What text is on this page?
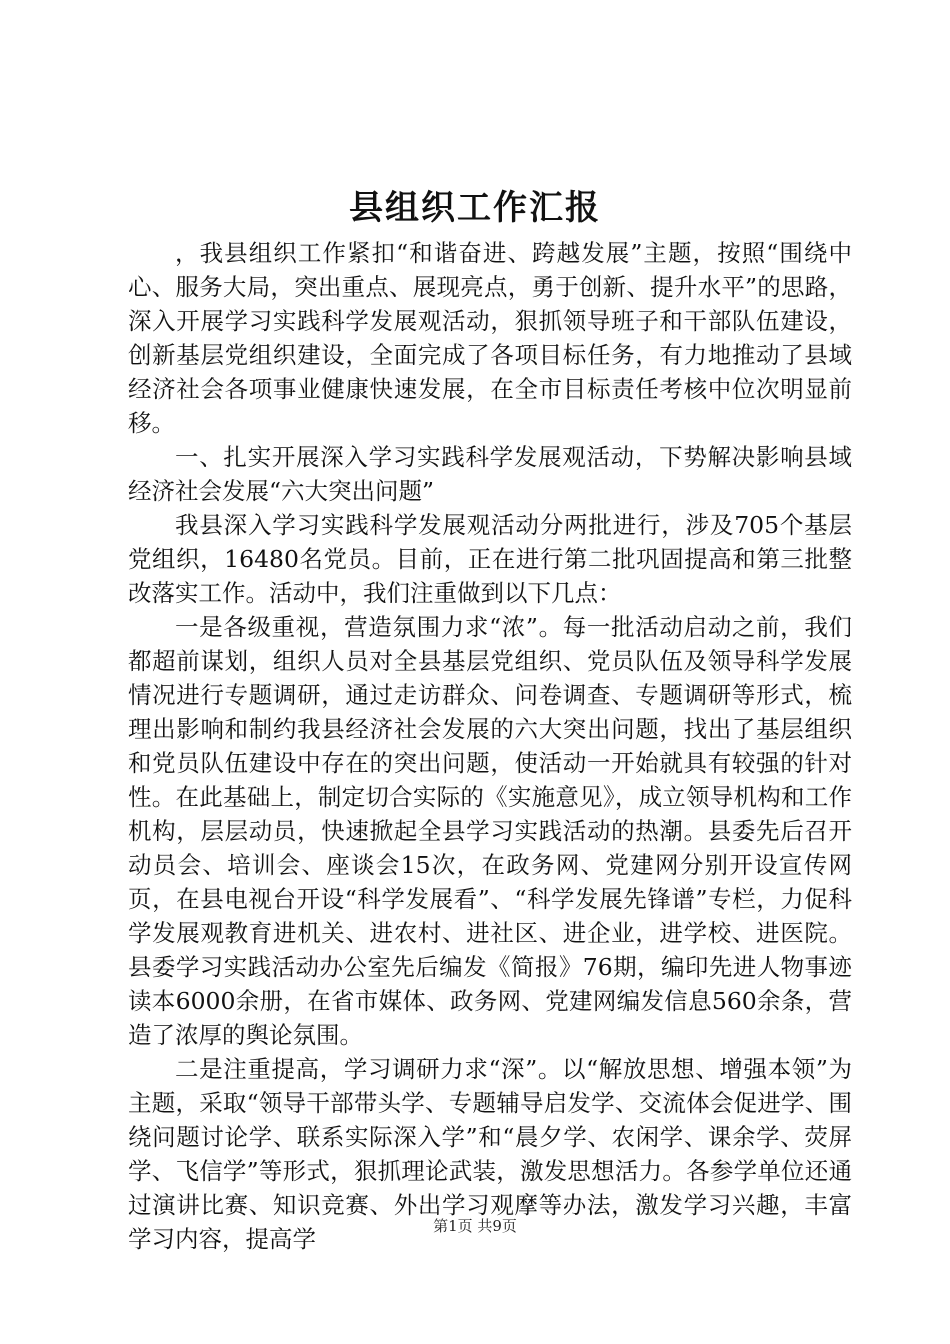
县组织工作汇报

，我县组织工作紧扣“和谐奋进、跨越发展”主题，按照“围绕中心、服务大局，突出重点、展现亮点，勇于创新、提升水平”的思路，深入开展学习实践科学发展观活动，狠抓领导班子和干部队伍建设，创新基层党组织建设，全面完成了各项目标任务，有力地推动了县域经济社会各项事业健康快速发展，在全市目标责任考核中位次明显前移。

一、扎实开展深入学习实践科学发展观活动，下势解决影响县域经济社会发展“六大突出问题”

我县深入学习实践科学发展观活动分两批进行，涉及705个基层党组织，16480名党员。目前，正在进行第二批巩固提高和第三批整改落实工作。活动中，我们注重做到以下几点：

一是各级重视，营造氛围力求“浓”。每一批活动启动之前，我们都超前谋划，组织人员对全县基层党组织、党员队伍及领导科学发展情况进行专题调研，通过走访群众、问卷调查、专题调研等形式，梳理出影响和制约我县经济社会发展的六大突出问题，找出了基层组织和党员队伍建设中存在的突出问题，使活动一开始就具有较强的针对性。在此基础上，制定切合实际的《实施意见》，成立领导机构和工作机构，层层动员，快速掀起全县学习实践活动的热潮。县委先后召开动员会、培训会、座谈会15次，在政务网、党建网分别开设宣传网页，在县电视台开设“科学发展看”、“科学发展先锋谱”专栏，力促科学发展观教育进机关、进农村、进社区、进企业，进学校、进医院。县委学习实践活动办公室先后编发《简报》76期，编印先进人物事迹读本6000余册，在省市媒体、政务网、党建网编发信息560余条，营造了浓厚的舆论氛围。

二是注重提高，学习调研力求“深”。以“解放思想、增强本领”为主题，采取“领导干部带头学、专题辅导启发学、交流体会促进学、围绕问题讨论学、联系实际深入学”和“晨夕学、农闲学、课余学、荧屏学、飞信学”等形式，狠抓理论武装，激发思想活力。各参学单位还通过演讲比赛、知识竞赛、外出学习观摩等办法，激发学习兴趣，丰富学习内容，提高学	第1页 共9页
